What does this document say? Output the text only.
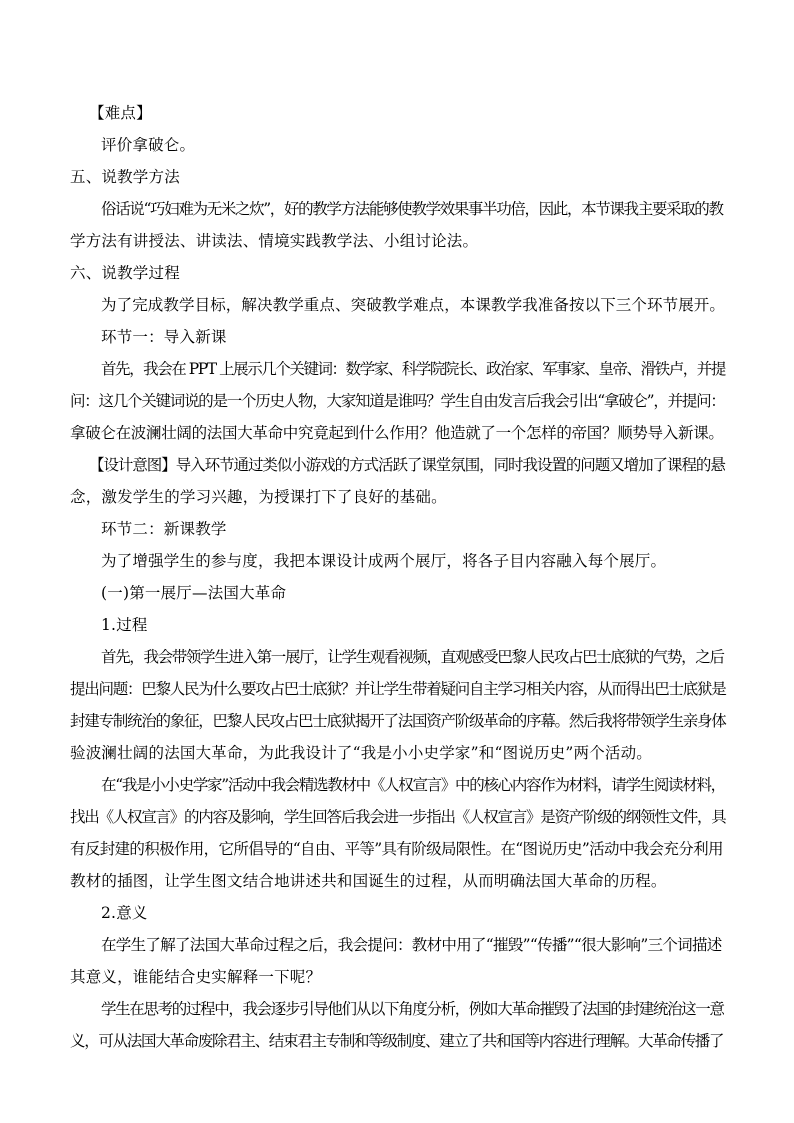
【难点】
评价拿破仑。
五、说教学方法
俗话说“巧妇难为无米之炊”，好的教学方法能够使教学效果事半功倍，因此，本节课我主要采取的教
学方法有讲授法、讲读法、情境实践教学法、小组讨论法。
六、说教学过程
为了完成教学目标，解决教学重点、突破教学难点，本课教学我准备按以下三个环节展开。
环节一：导入新课
首先，我会在 PPT 上展示几个关键词：数学家、科学院院长、政治家、军事家、皇帝、滑铁卢，并提
问：这几个关键词说的是一个历史人物，大家知道是谁吗？学生自由发言后我会引出“拿破仑”，并提问：
拿破仑在波澜壮阔的法国大革命中究竟起到什么作用？他造就了一个怎样的帝国？顺势导入新课。
【设计意图】导入环节通过类似小游戏的方式活跃了课堂氛围，同时我设置的问题又增加了课程的悬
念，激发学生的学习兴趣，为授课打下了良好的基础。
环节二：新课教学
为了增强学生的参与度，我把本课设计成两个展厅，将各子目内容融入每个展厅。
(一)第一展厅—法国大革命
1.过程
首先，我会带领学生进入第一展厅，让学生观看视频，直观感受巴黎人民攻占巴士底狱的气势，之后
提出问题：巴黎人民为什么要攻占巴士底狱？并让学生带着疑问自主学习相关内容，从而得出巴士底狱是
封建专制统治的象征，巴黎人民攻占巴士底狱揭开了法国资产阶级革命的序幕。然后我将带领学生亲身体
验波澜壮阔的法国大革命，为此我设计了“我是小小史学家”和“图说历史”两个活动。
在“我是小小史学家”活动中我会精选教材中《人权宣言》中的核心内容作为材料，请学生阅读材料，
找出《人权宣言》的内容及影响，学生回答后我会进一步指出《人权宣言》是资产阶级的纲领性文件，具
有反封建的积极作用，它所倡导的“自由、平等”具有阶级局限性。在“图说历史”活动中我会充分利用
教材的插图，让学生图文结合地讲述共和国诞生的过程，从而明确法国大革命的历程。
2.意义
在学生了解了法国大革命过程之后，我会提问：教材中用了“摧毁”“传播”“很大影响”三个词描述
其意义，谁能结合史实解释一下呢？
学生在思考的过程中，我会逐步引导他们从以下角度分析，例如大革命摧毁了法国的封建统治这一意
义，可从法国大革命废除君主、结束君主专制和等级制度、建立了共和国等内容进行理解。大革命传播了
